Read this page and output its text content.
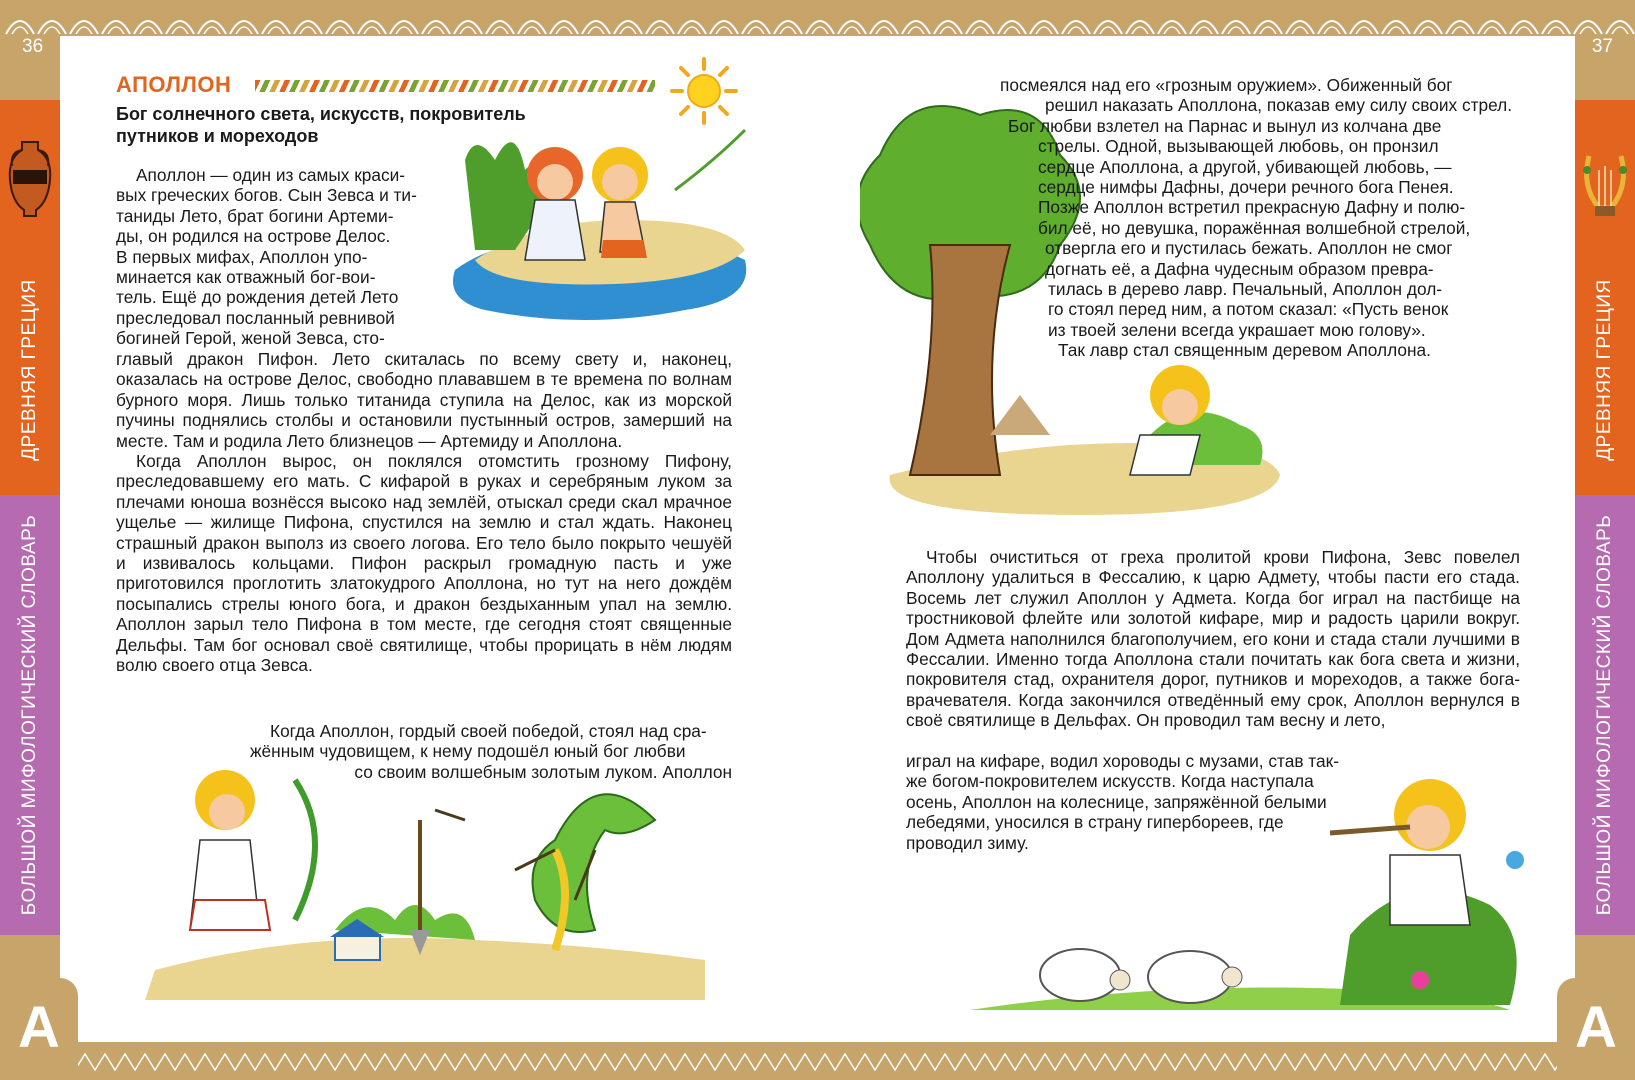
36	37
ДРЕВНЯЯ ГРЕЦИЯ
БОЛЬШОЙ МИФОЛОГИЧЕСКИЙ СЛОВАРЬ
А
ДРЕВНЯЯ ГРЕЦИЯ
БОЛЬШОЙ МИФОЛОГИЧЕСКИЙ СЛОВАРЬ
А
АПОЛЛОН
Бог солнечного света, искусств, покровитель путников и мореходов

Аполлон — один из самых краси-

вых греческих богов. Сын Зевса и ти-

таниды Лето, брат богини Артеми-

ды, он родился на острове Делос.

В первых мифах, Аполлон упо-

минается как отважный бог-вои-

тель. Ещё до рождения детей Лето

преследовал посланный ревнивой

богиней Герой, женой Зевса, сто-

главый дракон Пифон. Лето скиталась по всему свету и, наконец, оказалась на острове Делос, свободно плававшем в те времена по волнам бурного моря. Лишь только титанида ступила на Делос, как из морской пучины поднялись столбы и остановили пустынный остров, замерший на месте. Там и родила Лето близнецов — Артемиду и Аполлона.

Когда Аполлон вырос, он поклялся отомстить грозному Пифону, преследовавшему его мать. С кифарой в руках и серебряным луком за плечами юноша вознёсся высоко над землёй, отыскал среди скал мрачное ущелье — жилище Пифона, спустился на землю и стал ждать. Наконец страшный дракон выполз из своего логова. Его тело было покрыто чешуёй и извивалось кольцами. Пифон раскрыл громадную пасть и уже приготовился проглотить златокудрого Аполлона, но тут на него дождём посыпались стрелы юного бога, и дракон бездыханным упал на землю. Аполлон зарыл тело Пифона в том месте, где сегодня стоят священные Дельфы. Там бог основал своё святилище, чтобы прорицать в нём людям волю своего отца Зевса.

Когда Аполлон, гордый своей победой, стоял над сра-

жённым чудовищем, к нему подошёл юный бог любви

со своим волшебным золотым луком. Аполлон

посмеялся над его «грозным оружием». Обиженный бог

решил наказать Аполлона, показав ему силу своих стрел.

Бог любви взлетел на Парнас и вынул из колчана две

стрелы. Одной, вызывающей любовь, он пронзил

сердце Аполлона, а другой, убивающей любовь, —

сердце нимфы Дафны, дочери речного бога Пенея.

Позже Аполлон встретил прекрасную Дафну и полю-

бил её, но девушка, поражённая волшебной стрелой,

отвергла его и пустилась бежать. Аполлон не смог

догнать её, а Дафна чудесным образом превра-

тилась в дерево лавр. Печальный, Аполлон дол-

го стоял перед ним, а потом сказал: «Пусть венок

из твоей зелени всегда украшает мою голову».

Так лавр стал священным деревом Аполлона.

Чтобы очиститься от греха пролитой крови Пифона, Зевс повелел Аполлону удалиться в Фессалию, к царю Адмету, чтобы пасти его стада. Восемь лет служил Аполлон у Адмета. Когда бог играл на пастбище на тростниковой флейте или золотой кифаре, мир и радость царили вокруг. Дом Адмета наполнился благополучием, его кони и стада стали лучшими в Фессалии. Именно тогда Аполлона стали почитать как бога света и жизни, покровителя стад, охранителя дорог, путников и мореходов, а также бога-врачевателя. Когда закончился отведённый ему срок, Аполлон вернулся в своё святилище в Дельфах. Он проводил там весну и лето,

играл на кифаре, водил хороводы с музами, став так-

же богом-покровителем искусств. Когда наступала

осень, Аполлон на колеснице, запряжённой белыми

лебедями, уносился в страну гипербореев, где

проводил зиму.
